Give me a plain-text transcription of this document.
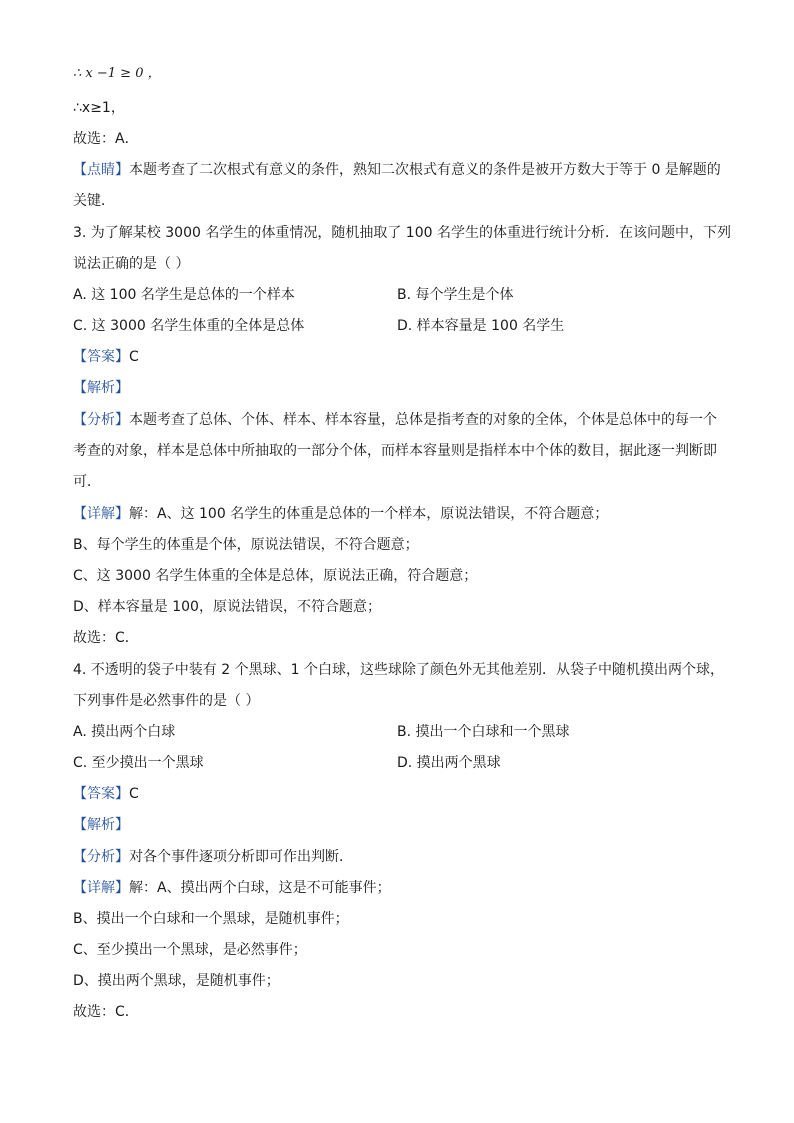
∴ x −1 ≥ 0 ，
∴x≥1，
故选：A．
【点睛】本题考查了二次根式有意义的条件，熟知二次根式有意义的条件是被开方数大于等于 0 是解题的
关键．
3. 为了解某校 3000 名学生的体重情况，随机抽取了 100 名学生的体重进行统计分析．在该问题中，下列
说法正确的是（ ）
A. 这 100 名学生是总体的一个样本	B. 每个学生是个体
C. 这 3000 名学生体重的全体是总体	D. 样本容量是 100 名学生
【答案】C
【解析】
【分析】本题考查了总体、个体、样本、样本容量，总体是指考查的对象的全体，个体是总体中的每一个
考查的对象，样本是总体中所抽取的一部分个体，而样本容量则是指样本中个体的数目，据此逐一判断即
可．
【详解】解：A、这 100 名学生的体重是总体的一个样本，原说法错误，不符合题意；
B、每个学生的体重是个体，原说法错误，不符合题意；
C、这 3000 名学生体重的全体是总体，原说法正确，符合题意；
D、样本容量是 100，原说法错误，不符合题意；
故选：C．
4. 不透明的袋子中装有 2 个黑球、1 个白球，这些球除了颜色外无其他差别．从袋子中随机摸出两个球，
下列事件是必然事件的是（ ）
A. 摸出两个白球	B. 摸出一个白球和一个黑球
C. 至少摸出一个黑球	D. 摸出两个黑球
【答案】C
【解析】
【分析】对各个事件逐项分析即可作出判断．
【详解】解：A、摸出两个白球，这是不可能事件；
B、摸出一个白球和一个黑球，是随机事件；
C、至少摸出一个黑球，是必然事件；
D、摸出两个黑球，是随机事件；
故选：C．
